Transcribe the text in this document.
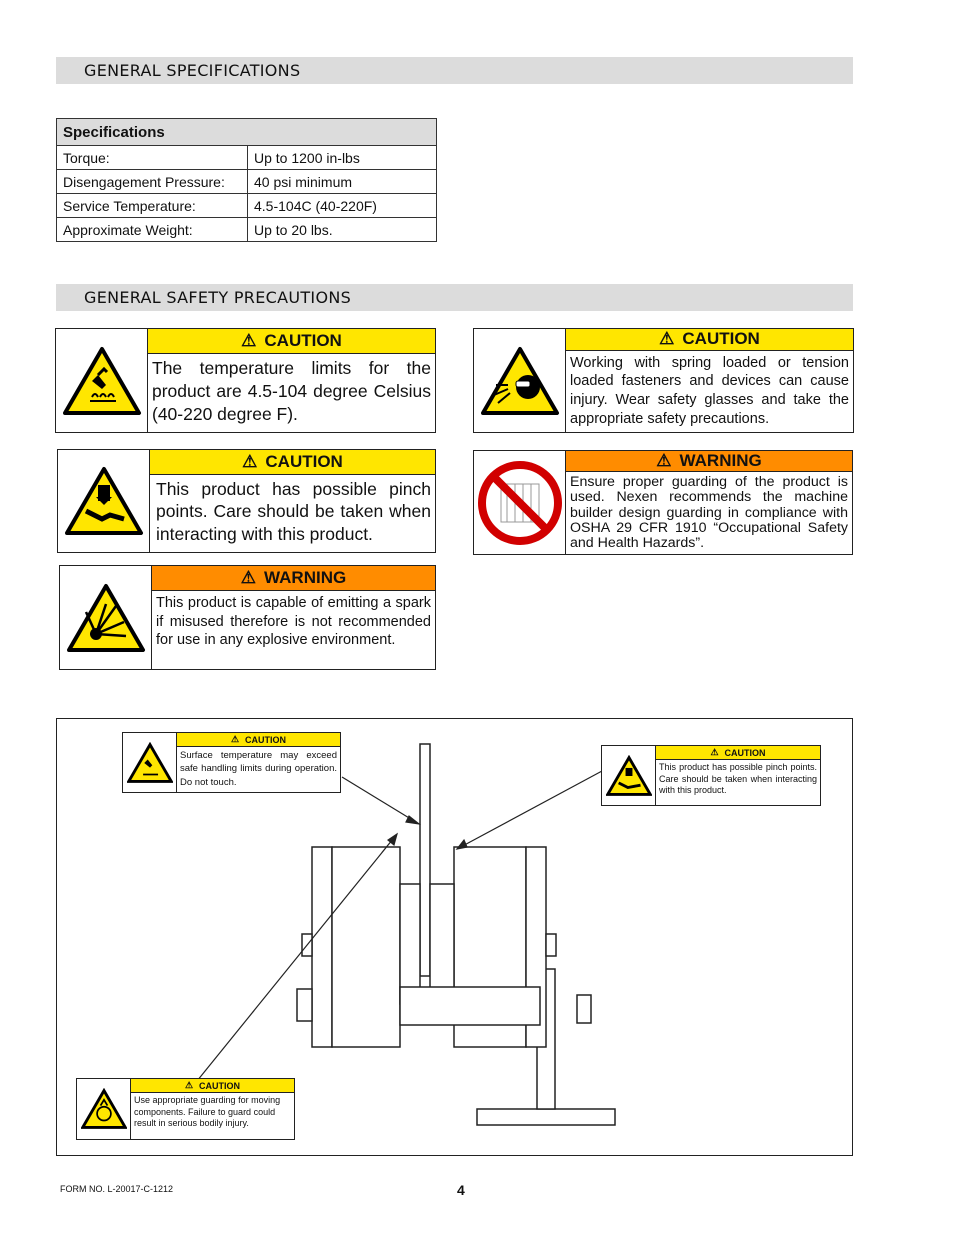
GENERAL SPECIFICATIONS
Specifications	
Torque:	Up to 1200 in-lbs
Disengagement Pressure:	40 psi minimum
Service Temperature:	4.5-104C (40-220F)
Approximate Weight:	Up to 20 lbs.
GENERAL SAFETY PRECAUTIONS
⚠ CAUTION
The temperature limits for the product are 4.5-104 degree Celsius (40-220 degree F).
⚠ CAUTION
Working with spring loaded or tension loaded fasteners and devices can cause injury. Wear safety glasses and take the appropriate safety precautions.
⚠ CAUTION
This product has possible pinch points. Care should be taken when interacting with this product.
⚠ WARNING
Ensure proper guarding of the product is used. Nexen recommends the machine builder design guarding in compliance with OSHA 29 CFR 1910 “Occupational Safety and Health Hazards”.
⚠ WARNING
This product is capable of emitting a spark if misused therefore is not recommended for use in any explosive environment.
⚠ CAUTION
Surface temperature may exceed safe handling limits during operation. Do not touch.
⚠ CAUTION
This product has possible pinch points. Care should be taken when interacting with this product.
⚠ CAUTION
Use appropriate guarding for moving components. Failure to guard could result in serious bodily injury.
FORM NO. L-20017-C-1212	4
